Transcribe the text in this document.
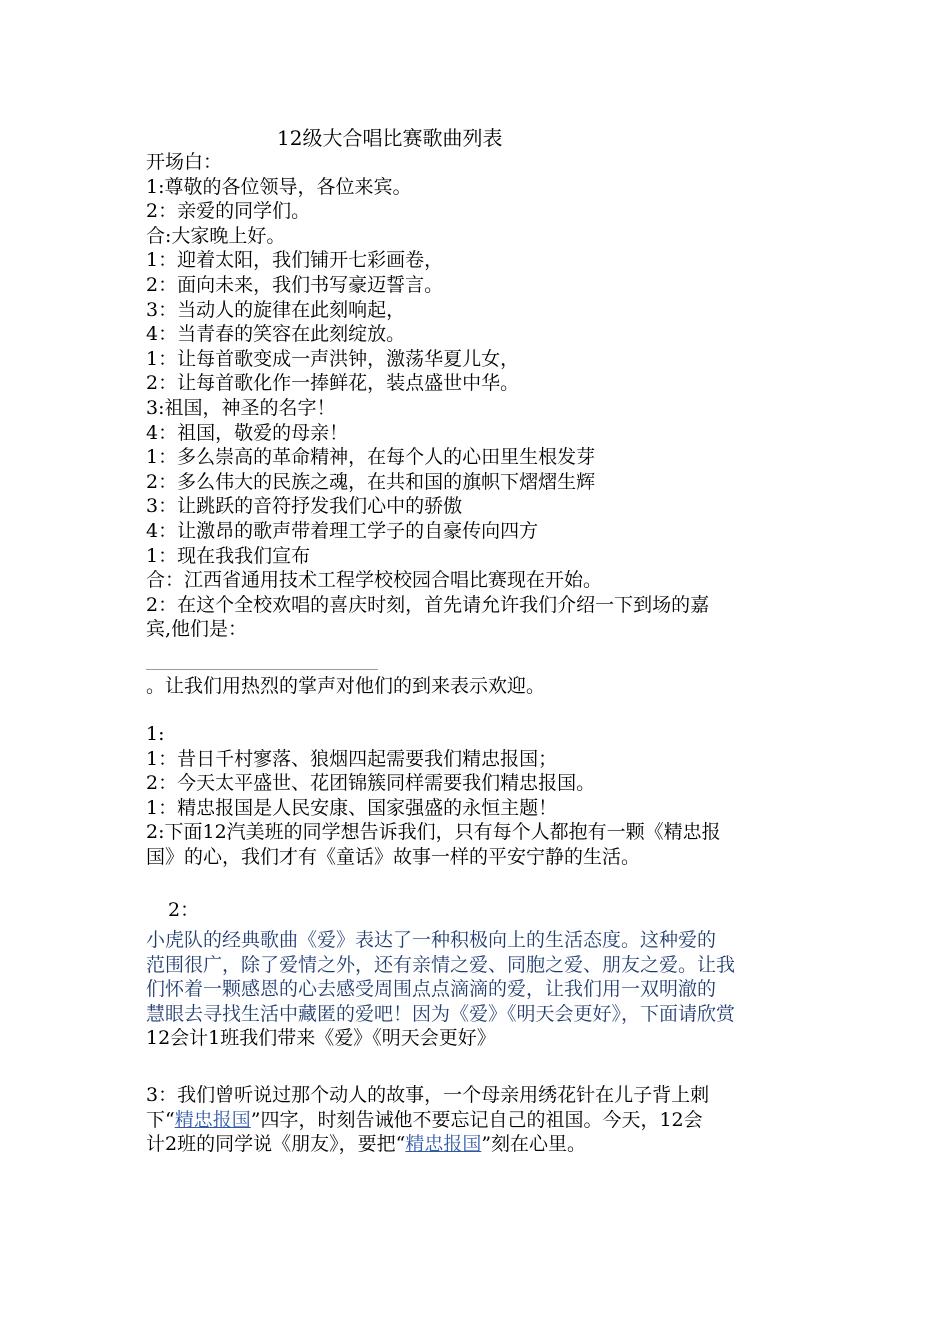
12级大合唱比赛歌曲列表

开场白：

1:尊敬的各位领导，各位来宾。

2：亲爱的同学们。

合:大家晚上好。

1：迎着太阳，我们铺开七彩画卷，

2：面向未来，我们书写豪迈誓言。

3：当动人的旋律在此刻响起，

4：当青春的笑容在此刻绽放。

1：让每首歌变成一声洪钟，激荡华夏儿女，

2：让每首歌化作一捧鲜花，装点盛世中华。

3:祖国，神圣的名字！

4：祖国，敬爱的母亲！

1：多么崇高的革命精神，在每个人的心田里生根发芽

2：多么伟大的民族之魂，在共和国的旗帜下熠熠生辉

3：让跳跃的音符抒发我们心中的骄傲

4：让激昂的歌声带着理工学子的自豪传向四方

1：现在我我们宣布

合：江西省通用技术工程学校校园合唱比赛现在开始。

2：在这个全校欢唱的喜庆时刻，首先请允许我们介绍一下到场的嘉

宾,他们是：

。让我们用热烈的掌声对他们的到来表示欢迎。

1:

1：昔日千村寥落、狼烟四起需要我们精忠报国；

2：今天太平盛世、花团锦簇同样需要我们精忠报国。

1：精忠报国是人民安康、国家强盛的永恒主题！

2:下面12汽美班的同学想告诉我们，只有每个人都抱有一颗《精忠报

国》的心，我们才有《童话》故事一样的平安宁静的生活。

2：

小虎队的经典歌曲《爱》表达了一种积极向上的生活态度。这种爱的

范围很广，除了爱情之外，还有亲情之爱、同胞之爱、朋友之爱。让我

们怀着一颗感恩的心去感受周围点点滴滴的爱，让我们用一双明澈的

慧眼去寻找生活中藏匿的爱吧！因为《爱》《明天会更好》，下面请欣赏

12会计1班我们带来《爱》《明天会更好》

3：我们曾听说过那个动人的故事，一个母亲用绣花针在儿子背上刺

下“精忠报国”四字，时刻告诫他不要忘记自己的祖国。今天，12会

计2班的同学说《朋友》，要把“精忠报国”刻在心里。
